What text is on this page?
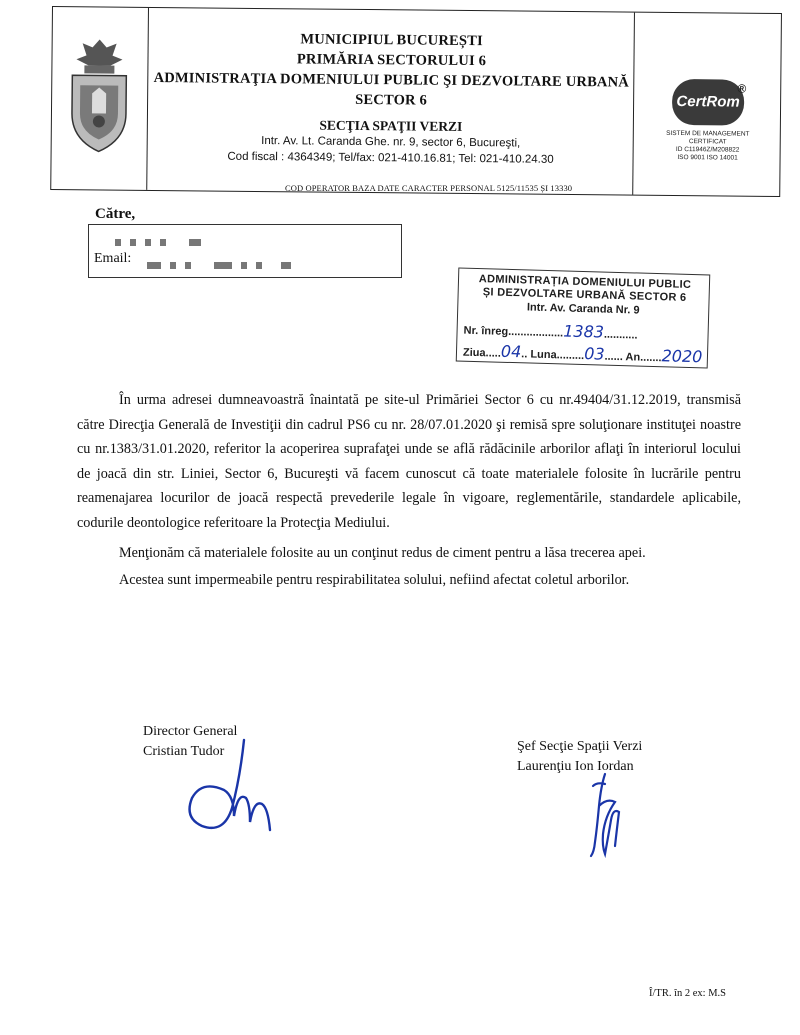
MUNICIPIUL BUCUREȘTI
PRIMĂRIA SECTORULUI 6
ADMINISTRAŢIA DOMENIULUI PUBLIC ŞI DEZVOLTARE URBANĂ
SECTOR 6
SECŢIA SPAŢII VERZI
Intr. Av. Lt. Caranda Ghe. nr. 9, sector 6, Bucureşti,
Cod fiscal : 4364349; Tel/fax: 021-410.16.81; Tel: 021-410.24.30
CertRom
®
SISTEM DE MANAGEMENT CERTIFICAT
ID C11946Z/M208822
ISO 9001 ISO 14001
COD OPERATOR BAZA DATE CARACTER PERSONAL 5125/11535 ȘI 13330
Către,
Email:
ADMINISTRAȚIA DOMENIULUI PUBLIC
ȘI DEZVOLTARE URBANĂ SECTOR 6
Intr. Av. Caranda Nr. 9
Nr. înreg..................1383...........
Ziua.....04.. Luna.........03...... An.......2020

În urma adresei dumneavoastră înaintată pe site-ul Primăriei Sector 6 cu nr.49404/31.12.2019, transmisă către Direcţia Generală de Investiţii din cadrul PS6 cu nr. 28/07.01.2020 şi remisă spre soluţionare instituţei noastre cu nr.1383/31.01.2020, referitor la acoperirea suprafaţei unde se află rădăcinile arborilor aflaţi în interiorul locului de joacă din str. Liniei, Sector 6, Bucureşti vă facem cunoscut că toate materialele folosite în lucrările pentru reamenajarea locurilor de joacă respectă prevederile legale în vigoare, reglementările, standardele aplicabile, codurile deontologice referitoare la Protecţia Mediului.

Menţionăm că materialele folosite au un conţinut redus de ciment pentru a lăsa trecerea apei.

Acestea sunt impermeabile pentru respirabilitatea solului, nefiind afectat coletul arborilor.

Director General
Cristian Tudor	Şef Secţie Spaţii Verzi
Laurenţiu Ion Iordan
Î/TR. în 2 ex: M.S
